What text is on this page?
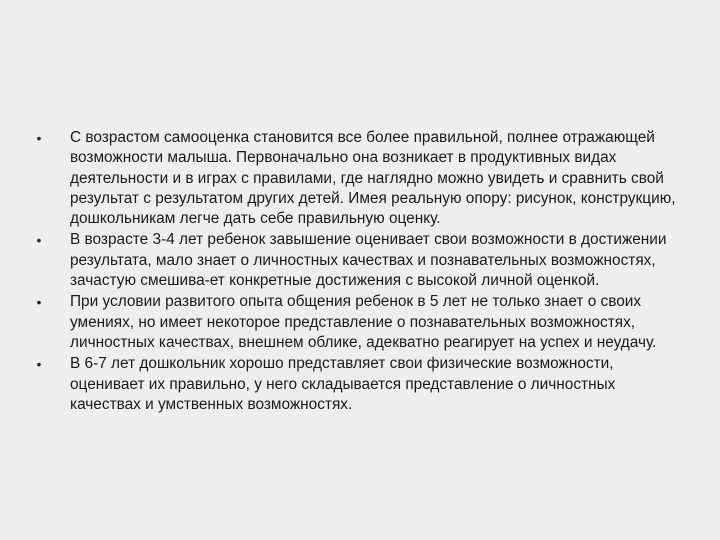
• С возрастом самооценка становится все более правильной, полнее отражающей возможности малыша. Первоначально она возникает в продуктивных видах деятельности и в играх с правилами, где наглядно можно увидеть и сравнить свой результат с результатом других детей. Имея реальную опору: рисунок, конструкцию, дошкольникам легче дать себе правильную оценку.
• В возрасте 3-4 лет ребенок завышение оценивает свои возможности в достижении результата, мало знает о личностных качествах и познавательных возможностях, зачастую смешива-ет конкретные достижения с высокой личной оценкой.
• При условии развитого опыта общения ребенок в 5 лет не только знает о своих умениях, но имеет некоторое представление о познавательных возможностях, личностных качествах, внешнем облике, адекватно реагирует на успех и неудачу.
• В 6-7 лет дошкольник хорошо представляет свои физические возможности, оценивает их правильно, у него складывается представление о личностных качествах и умственных возможностях.
